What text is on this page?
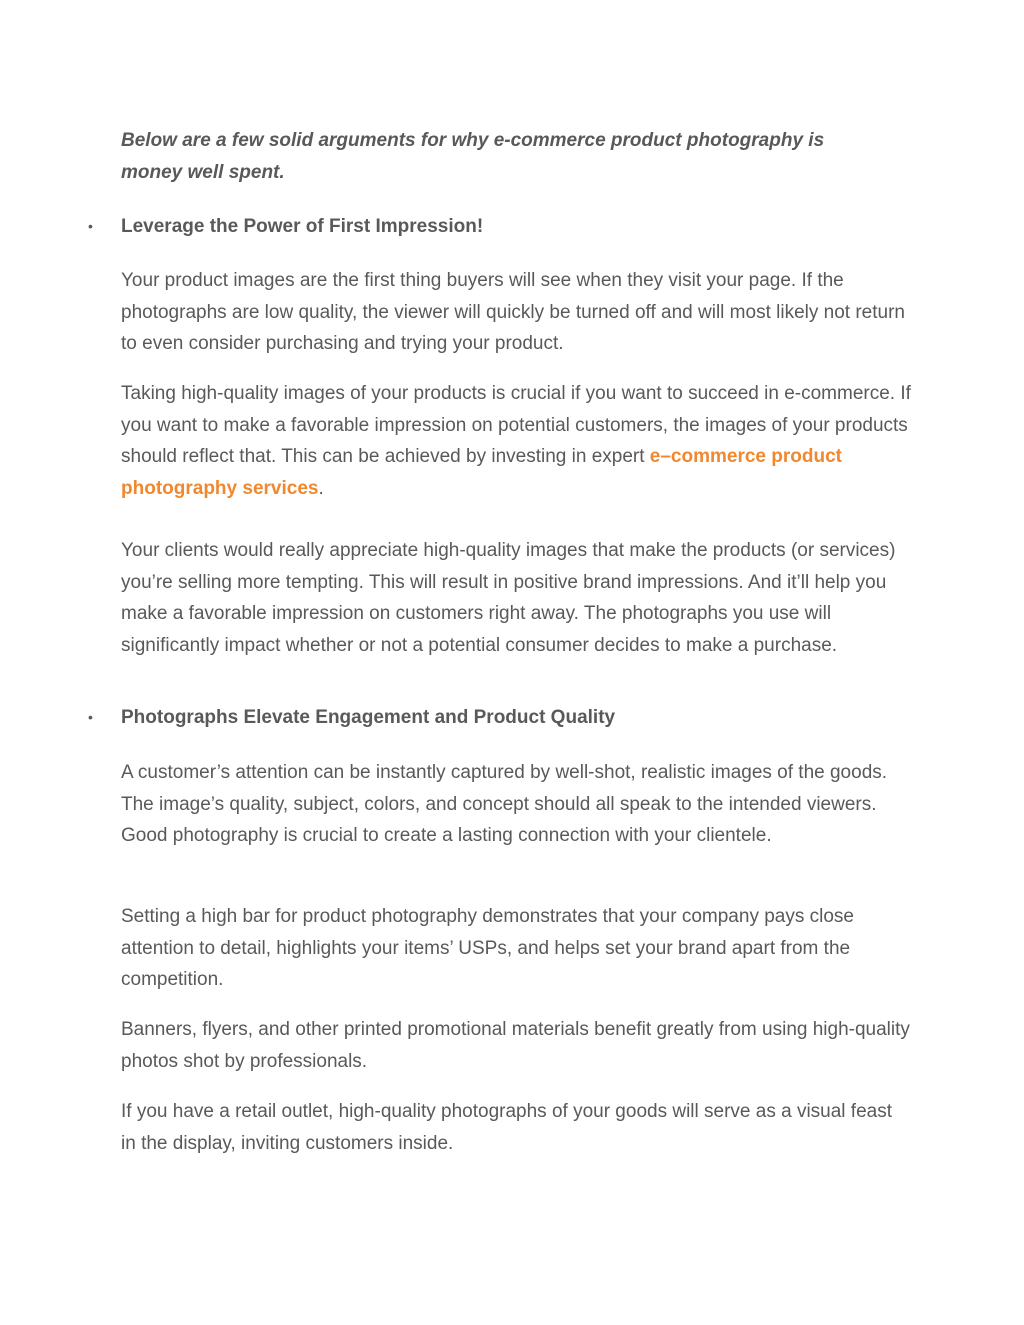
Below are a few solid arguments for why e-commerce product photography is
money well spent.

• Leverage the Power of First Impression!

Your product images are the first thing buyers will see when they visit your page. If the photographs are low quality, the viewer will quickly be turned off and will most likely not return to even consider purchasing and trying your product.

Taking high-quality images of your products is crucial if you want to succeed in e-commerce. If you want to make a favorable impression on potential customers, the images of your products should reflect that. This can be achieved by investing in expert e–commerce product photography services.

Your clients would really appreciate high-quality images that make the products (or services) you’re selling more tempting. This will result in positive brand impressions. And it’ll help you make a favorable impression on customers right away. The photographs you use will significantly impact whether or not a potential consumer decides to make a purchase.

• Photographs Elevate Engagement and Product Quality

A customer’s attention can be instantly captured by well-shot, realistic images of the goods. The image’s quality, subject, colors, and concept should all speak to the intended viewers. Good photography is crucial to create a lasting connection with your clientele.

Setting a high bar for product photography demonstrates that your company pays close attention to detail, highlights your items’ USPs, and helps set your brand apart from the competition.

Banners, flyers, and other printed promotional materials benefit greatly from using high-quality photos shot by professionals.

If you have a retail outlet, high-quality photographs of your goods will serve as a visual feast in the display, inviting customers inside.
